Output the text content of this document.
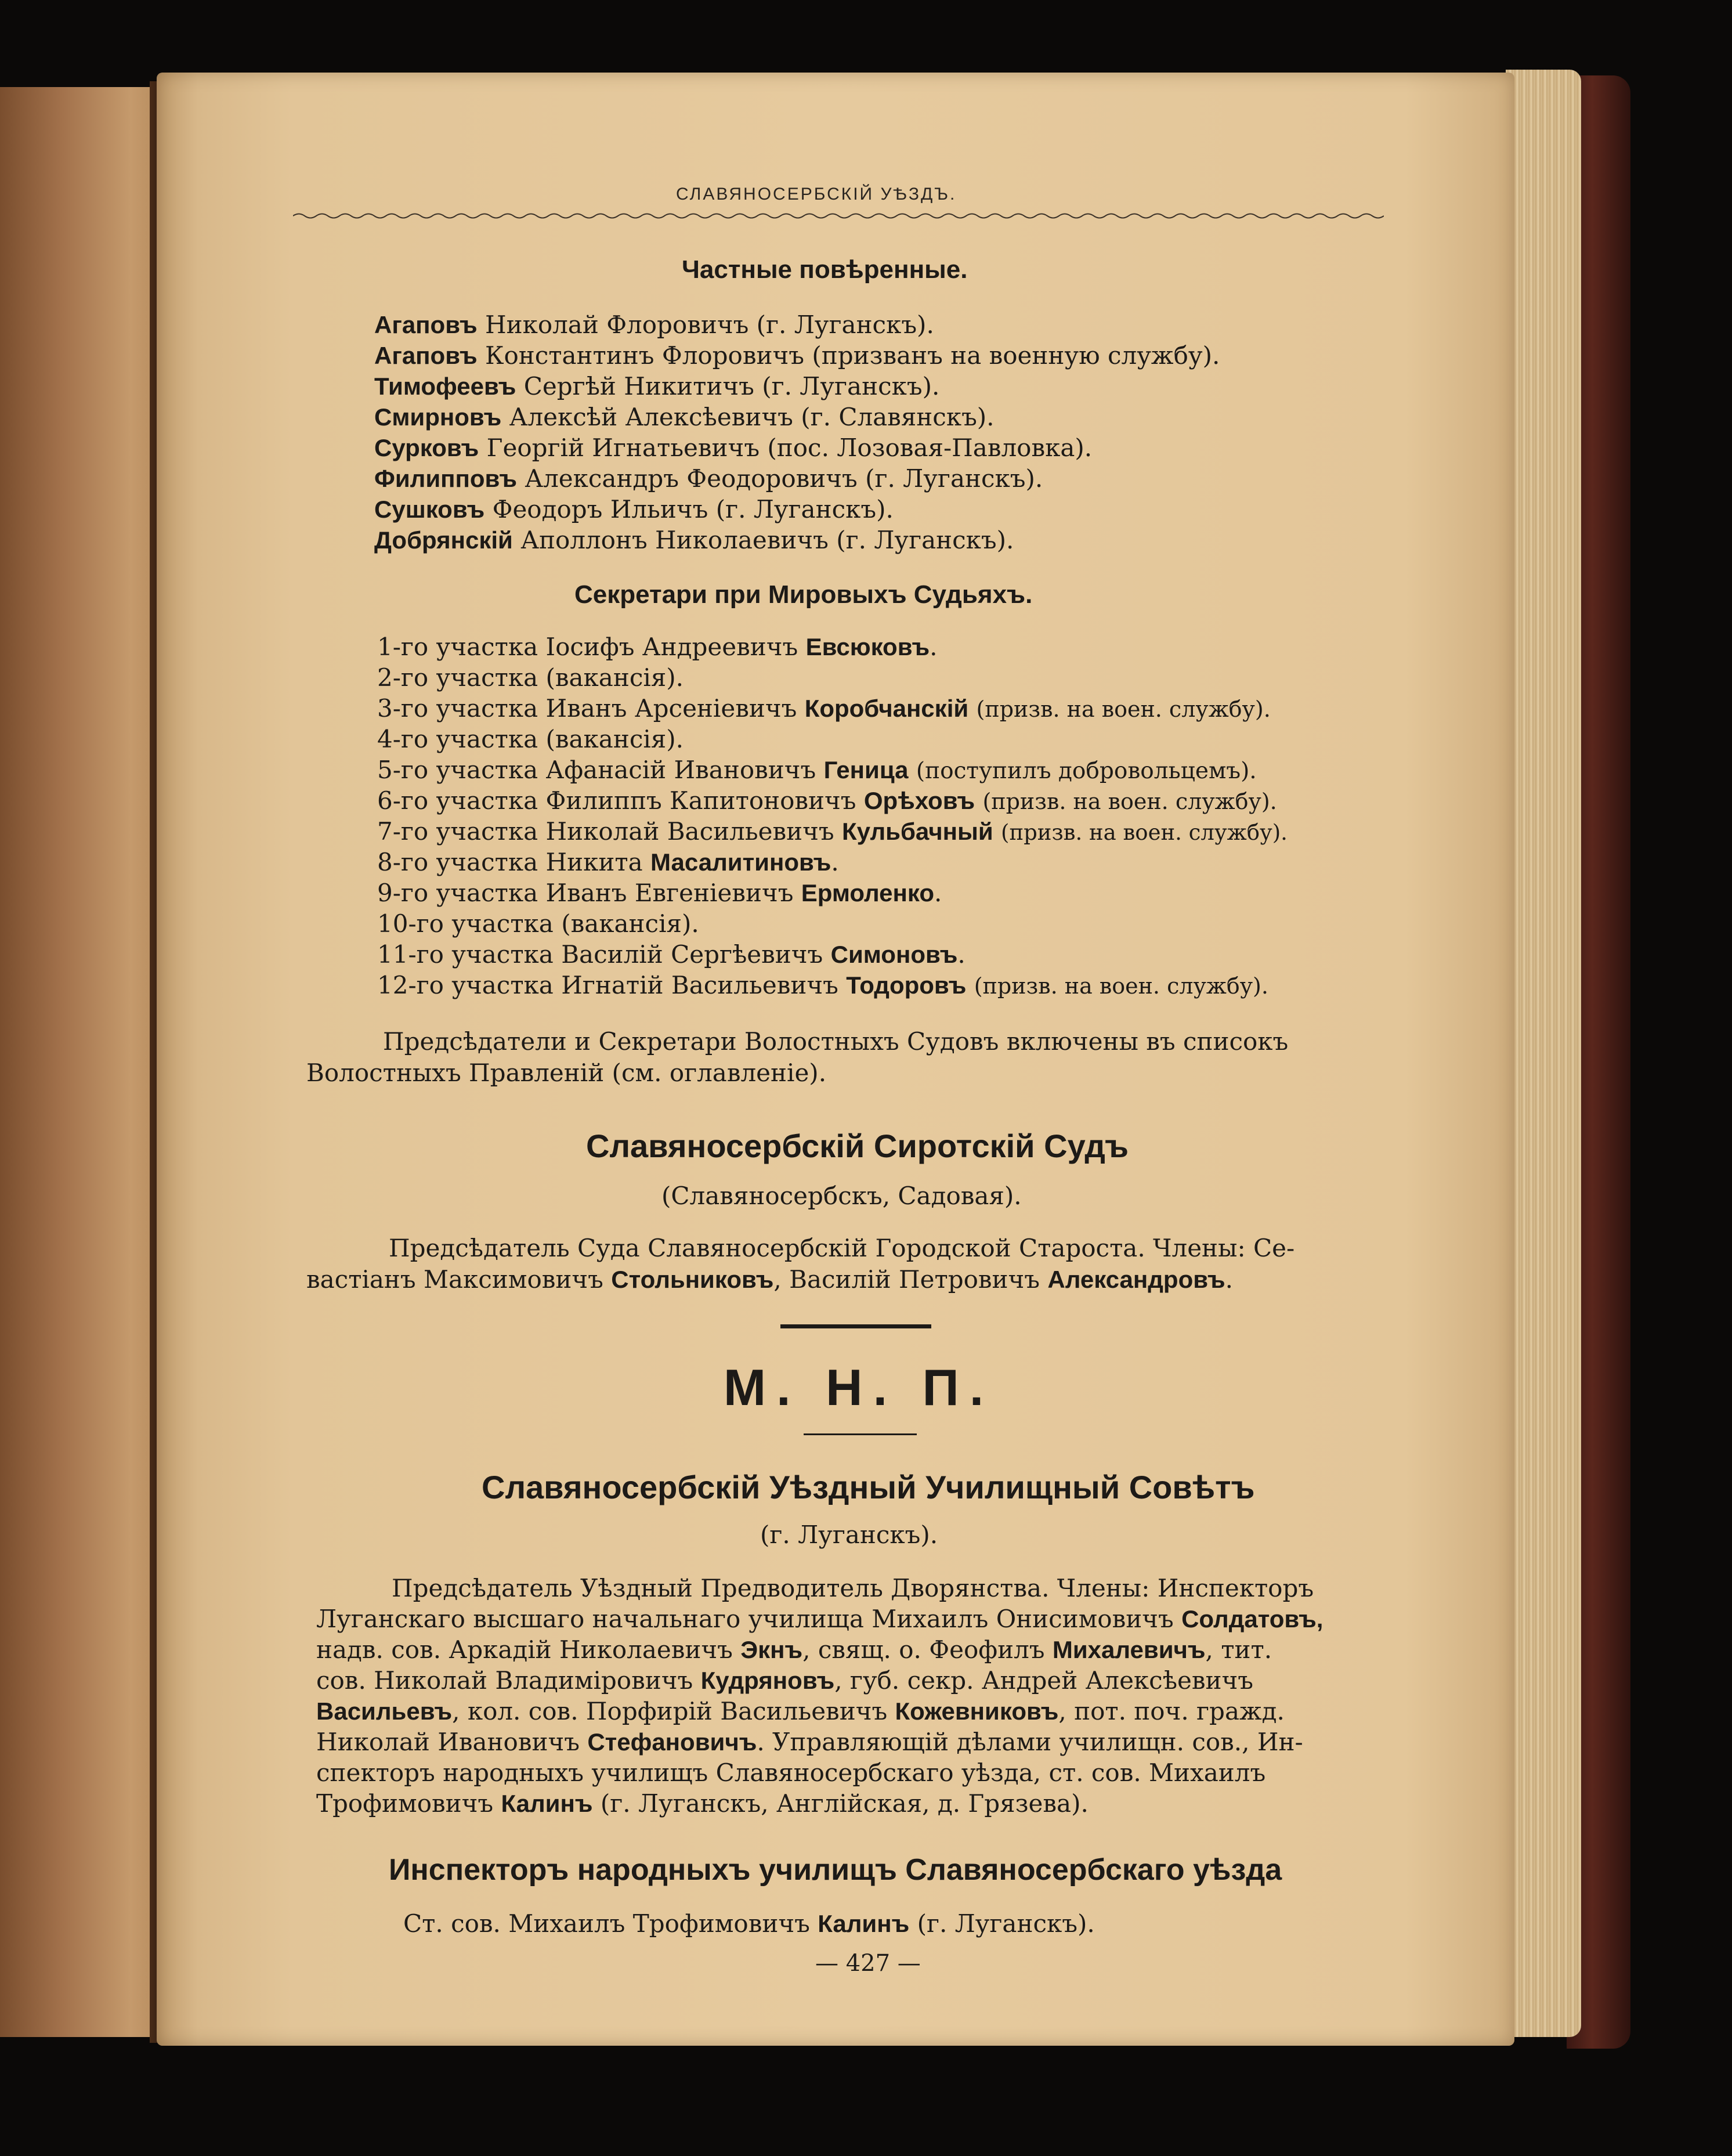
СЛАВЯНОСЕРБСКIЙ УѢЗДЪ.
Частные повѣренные.
Агаповъ Николай Флоровичъ (г. Луганскъ).
Агаповъ Константинъ Флоровичъ (призванъ на военную службу).
Тимофеевъ Сергѣй Никитичъ (г. Луганскъ).
Смирновъ Алексѣй Алексѣевичъ (г. Славянскъ).
Сурковъ Георгій Игнатьевичъ (пос. Лозовая-Павловка).
Филипповъ Александръ Феодоровичъ (г. Луганскъ).
Сушковъ Феодоръ Ильичъ (г. Луганскъ).
Добрянскій Аполлонъ Николаевичъ (г. Луганскъ).
Секретари при Мировыхъ Судьяхъ.
1-го участка Іосифъ Андреевичъ Евсюковъ.
2-го участка (вакансія).
3-го участка Иванъ Арсеніевичъ Коробчанскій (призв. на воен. службу).
4-го участка (вакансія).
5-го участка Афанасій Ивановичъ Геница (поступилъ добровольцемъ).
6-го участка Филиппъ Капитоновичъ Орѣховъ (призв. на воен. службу).
7-го участка Николай Васильевичъ Кульбачный (призв. на воен. службу).
8-го участка Никита Масалитиновъ.
9-го участка Иванъ Евгеніевичъ Ермоленко.
10-го участка (вакансія).
11-го участка Василій Сергѣевичъ Симоновъ.
12-го участка Игнатій Васильевичъ Тодоровъ (призв. на воен. службу).
Предсѣдатели и Секретари Волостныхъ Судовъ включены въ списокъ
Волостныхъ Правленій (см. оглавленіе).
Славяносербскій Сиротскій Судъ
(Славяносербскъ, Садовая).
Предсѣдатель Суда Славяносербскій Городской Староста. Члены: Се-
вастіанъ Максимовичъ Стольниковъ, Василій Петровичъ Александровъ.
М. Н. П.
Славяносербскій Уѣздный Училищный Совѣтъ
(г. Луганскъ).
Предсѣдатель Уѣздный Предводитель Дворянства. Члены: Инспекторъ
Луганскаго высшаго начальнаго училища Михаилъ Онисимовичъ Солдатовъ,
надв. сов. Аркадій Николаевичъ Экнъ, свящ. о. Феофилъ Михалевичъ, тит.
сов. Николай Владиміровичъ Кудряновъ, губ. секр. Андрей Алексѣевичъ
Васильевъ, кол. сов. Порфирій Васильевичъ Кожевниковъ, пот. поч. гражд.
Николай Ивановичъ Стефановичъ. Управляющій дѣлами училищн. сов., Ин-
спекторъ народныхъ училищъ Славяносербскаго уѣзда, ст. сов. Михаилъ
Трофимовичъ Калинъ (г. Луганскъ, Англійская, д. Грязева).
Инспекторъ народныхъ училищъ Славяносербскаго уѣзда
Ст. сов. Михаилъ Трофимовичъ Калинъ (г. Луганскъ).
— 427 —
